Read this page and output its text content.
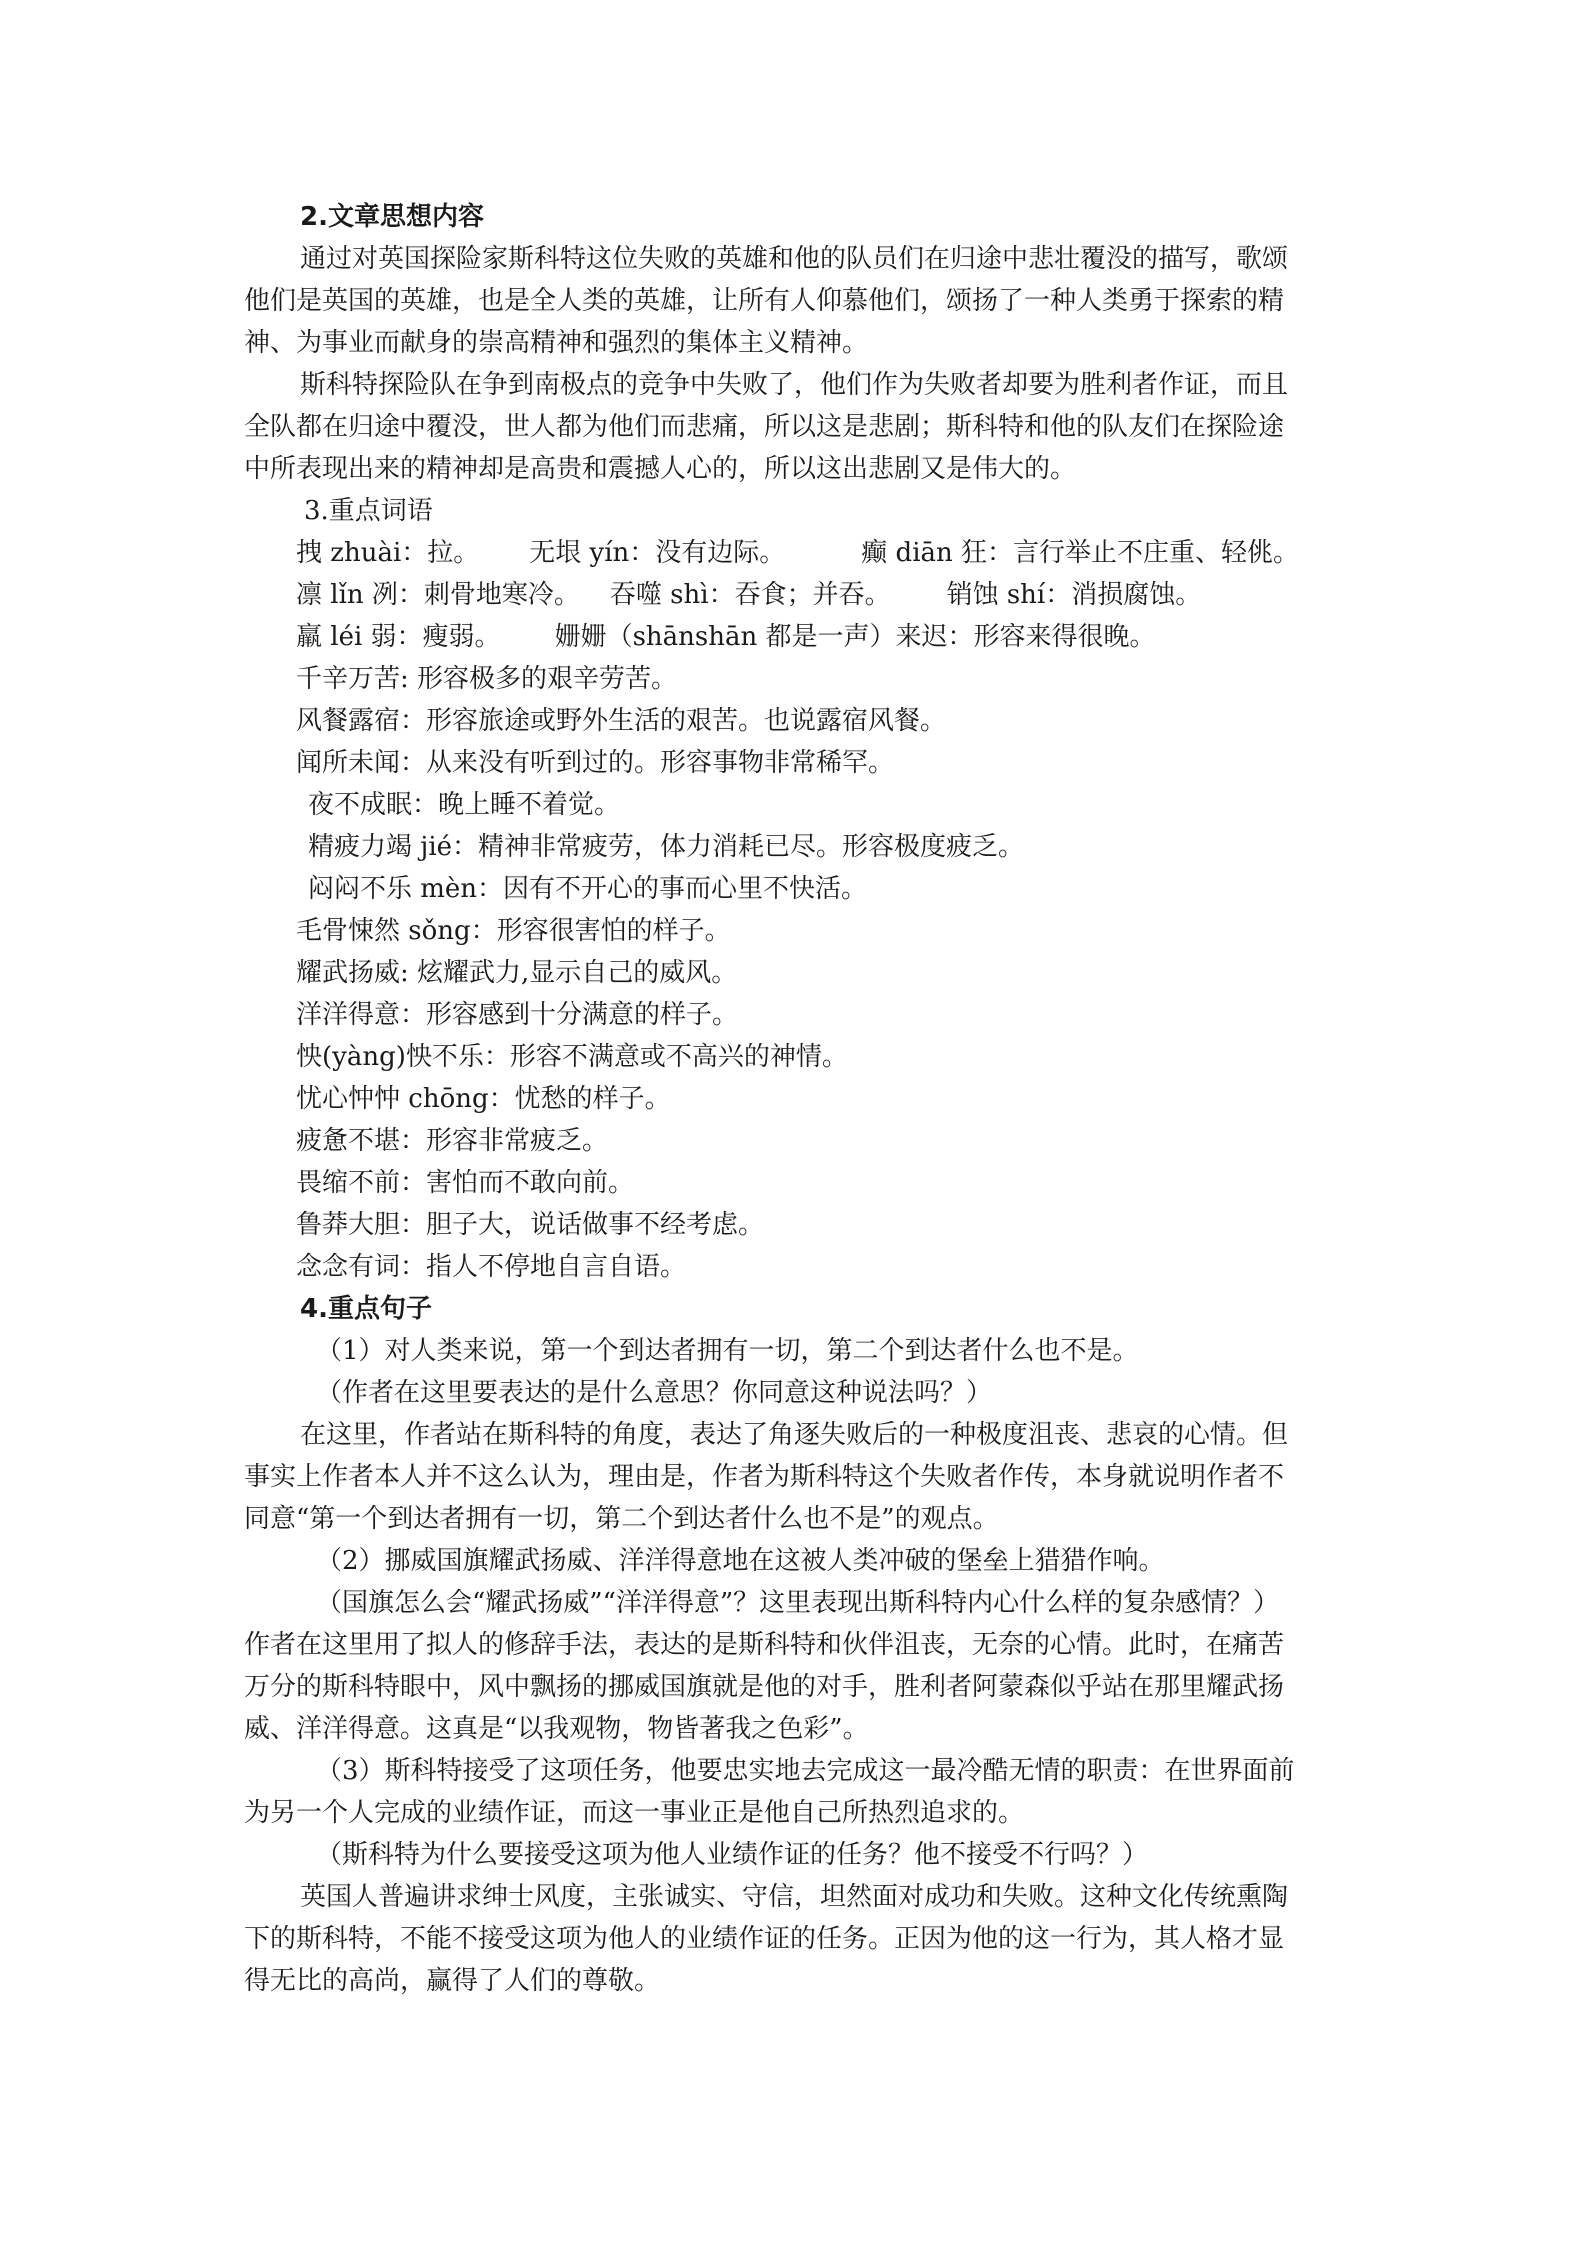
2.文章思想内容
通过对英国探险家斯科特这位失败的英雄和他的队员们在归途中悲壮覆没的描写，歌颂
他们是英国的英雄，也是全人类的英雄，让所有人仰慕他们，颂扬了一种人类勇于探索的精
神、为事业而献身的崇高精神和强烈的集体主义精神。
斯科特探险队在争到南极点的竞争中失败了，他们作为失败者却要为胜利者作证，而且
全队都在归途中覆没，世人都为他们而悲痛，所以这是悲剧；斯科特和他的队友们在探险途
中所表现出来的精神却是高贵和震撼人心的，所以这出悲剧又是伟大的。
3.重点词语
拽 zhuài：拉。 无垠 yín：没有边际。	癫 diān 狂：言行举止不庄重、轻佻。
凛 lǐn 冽：刺骨地寒冷。 吞噬 shì：吞食；并吞。 销蚀 shí：消损腐蚀。
羸 léi 弱：瘦弱。 姗姗（shānshān 都是一声）来迟：形容来得很晚。
千辛万苦: 形容极多的艰辛劳苦。
风餐露宿：形容旅途或野外生活的艰苦。也说露宿风餐。
闻所未闻：从来没有听到过的。形容事物非常稀罕。
夜不成眠：晚上睡不着觉。
精疲力竭 jié：精神非常疲劳，体力消耗已尽。形容极度疲乏。
闷闷不乐 mèn：因有不开心的事而心里不快活。
毛骨悚然 sǒng：形容很害怕的样子。
耀武扬威: 炫耀武力,显示自己的威风。
洋洋得意：形容感到十分满意的样子。
怏(yàng)怏不乐：形容不满意或不高兴的神情。
忧心忡忡 chōng：忧愁的样子。
疲惫不堪：形容非常疲乏。
畏缩不前：害怕而不敢向前。
鲁莽大胆：胆子大，说话做事不经考虑。
念念有词：指人不停地自言自语。
4.重点句子
（1）对人类来说，第一个到达者拥有一切，第二个到达者什么也不是。
（作者在这里要表达的是什么意思？你同意这种说法吗？）
在这里，作者站在斯科特的角度，表达了角逐失败后的一种极度沮丧、悲哀的心情。但
事实上作者本人并不这么认为，理由是，作者为斯科特这个失败者作传，本身就说明作者不
同意“第一个到达者拥有一切，第二个到达者什么也不是”的观点。
（2）挪威国旗耀武扬威、洋洋得意地在这被人类冲破的堡垒上猎猎作响。
（国旗怎么会“耀武扬威”“洋洋得意”？这里表现出斯科特内心什么样的复杂感情？）
作者在这里用了拟人的修辞手法，表达的是斯科特和伙伴沮丧，无奈的心情。此时，在痛苦
万分的斯科特眼中，风中飘扬的挪威国旗就是他的对手，胜利者阿蒙森似乎站在那里耀武扬
威、洋洋得意。这真是“以我观物，物皆著我之色彩”。
（3）斯科特接受了这项任务，他要忠实地去完成这一最冷酷无情的职责：在世界面前
为另一个人完成的业绩作证，而这一事业正是他自己所热烈追求的。
（斯科特为什么要接受这项为他人业绩作证的任务？他不接受不行吗？）
英国人普遍讲求绅士风度，主张诚实、守信，坦然面对成功和失败。这种文化传统熏陶
下的斯科特，不能不接受这项为他人的业绩作证的任务。正因为他的这一行为，其人格才显
得无比的高尚，赢得了人们的尊敬。
